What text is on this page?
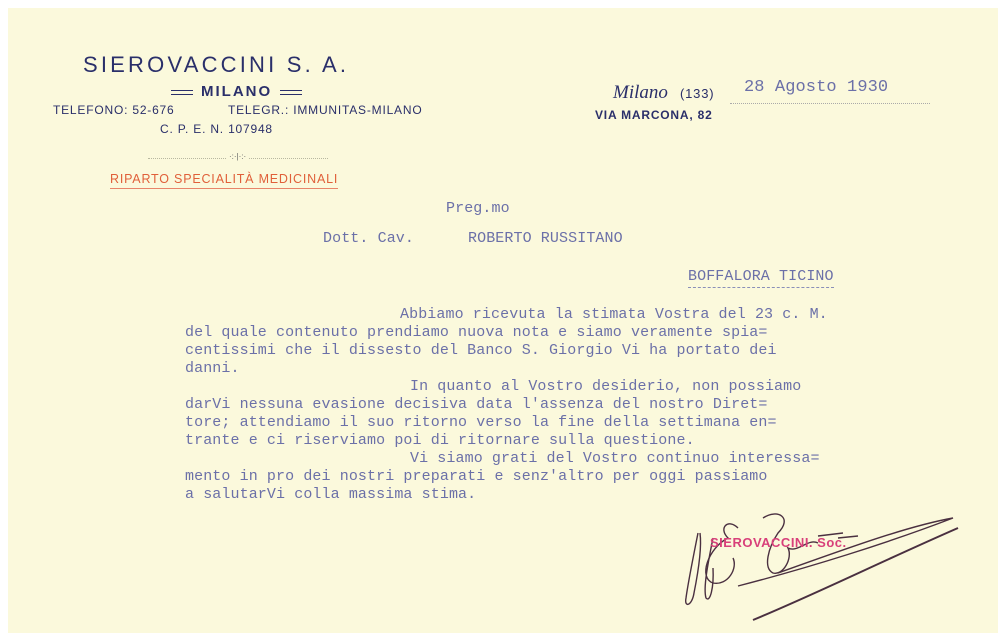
SIEROVACCINI S. A.
MILANO
TELEFONO: 52-676	TELEGR.: IMMUNITAS-MILANO
C. P. E. N. 107948
·:·|·:·
RIPARTO SPECIALITÀ MEDICINALI
Milano (133) 28 Agosto 1930
VIA MARCONA, 82
Preg.mo
Dott. Cav.	ROBERTO RUSSITANO
BOFFALORA TICINO
Abbiamo ricevuta la stimata Vostra del 23 c. M.
del quale contenuto prendiamo nuova nota e siamo veramente spia=
centissimi che il dissesto del Banco S. Giorgio Vi ha portato dei
danni.
In quanto al Vostro desiderio, non possiamo
darVi nessuna evasione decisiva data l'assenza del nostro Diret=
tore; attendiamo il suo ritorno verso la fine della settimana en=
trante e ci riserviamo poi di ritornare sulla questione.
Vi siamo grati del Vostro continuo interessa=
mento in pro dei nostri preparati e senz'altro per oggi passiamo
a salutarVi colla massima stima.
SIEROVACCINI. Soc.
